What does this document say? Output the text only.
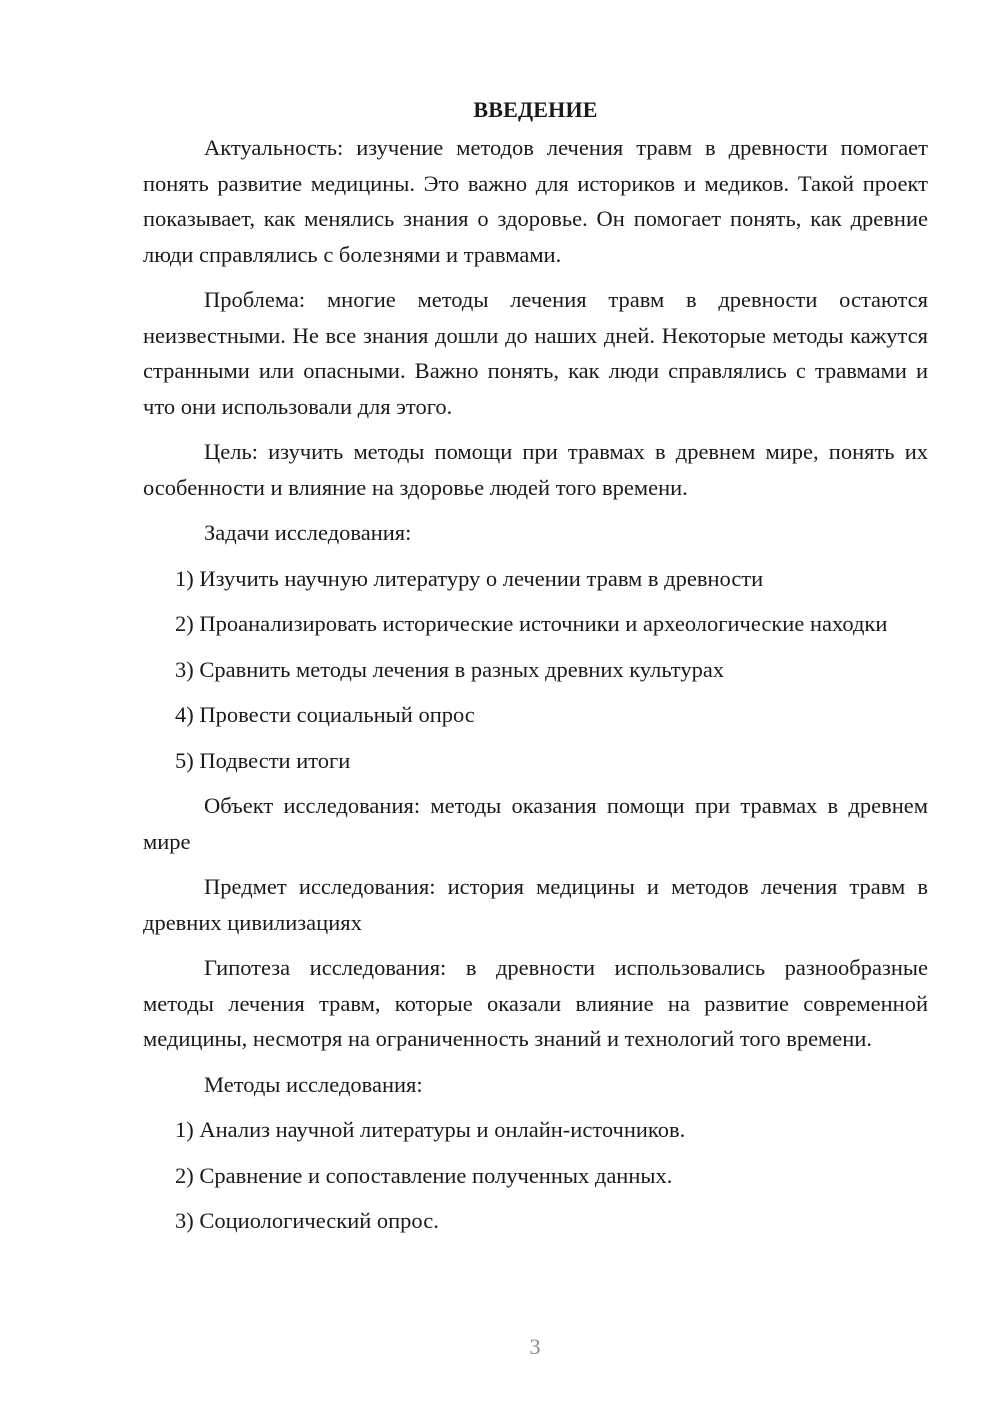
ВВЕДЕНИЕ

Актуальность: изучение методов лечения травм в древности помогает понять развитие медицины. Это важно для историков и медиков. Такой проект показывает, как менялись знания о здоровье. Он помогает понять, как древние люди справлялись с болезнями и травмами.

Проблема: многие методы лечения травм в древности остаются неизвестными. Не все знания дошли до наших дней. Некоторые методы кажутся странными или опасными. Важно понять, как люди справлялись с травмами и что они использовали для этого.

Цель: изучить методы помощи при травмах в древнем мире, понять их особенности и влияние на здоровье людей того времени.

Задачи исследования:

1) Изучить научную литературу о лечении травм в древности

2) Проанализировать исторические источники и археологические находки

3) Сравнить методы лечения в разных древних культурах

4) Провести социальный опрос

5) Подвести итоги

Объект исследования: методы оказания помощи при травмах в древнем мире

Предмет исследования: история медицины и методов лечения травм в древних цивилизациях

Гипотеза исследования: в древности использовались разнообразные методы лечения травм, которые оказали влияние на развитие современной медицины, несмотря на ограниченность знаний и технологий того времени.

Методы исследования:

1) Анализ научной литературы и онлайн-источников.

2) Сравнение и сопоставление полученных данных.

3) Социологический опрос.

3
